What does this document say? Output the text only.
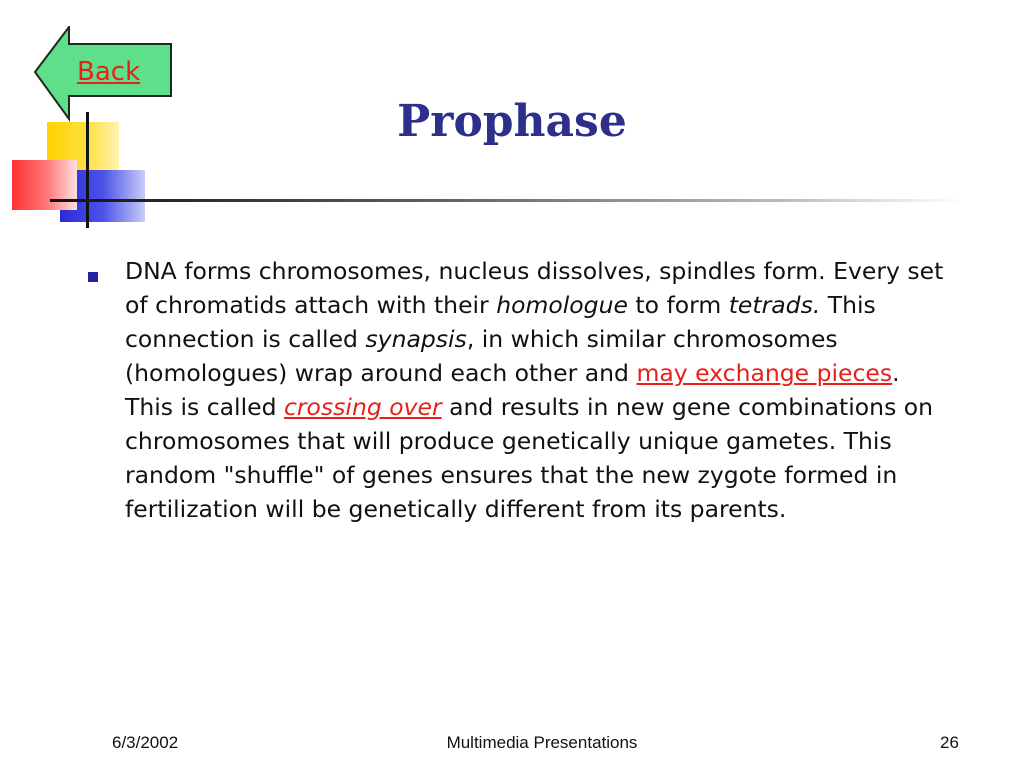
Back
Prophase
DNA forms chromosomes, nucleus dissolves, spindles form. Every set of chromatids attach with their homologue to form tetrads. This connection is called synapsis, in which similar chromosomes (homologues) wrap around each other and may exchange pieces. This is called crossing over and results in new gene combinations on chromosomes that will produce genetically unique gametes. This random "shuffle" of genes ensures that the new zygote formed in fertilization will be genetically different from its parents.
6/3/2002	Multimedia Presentations	26
